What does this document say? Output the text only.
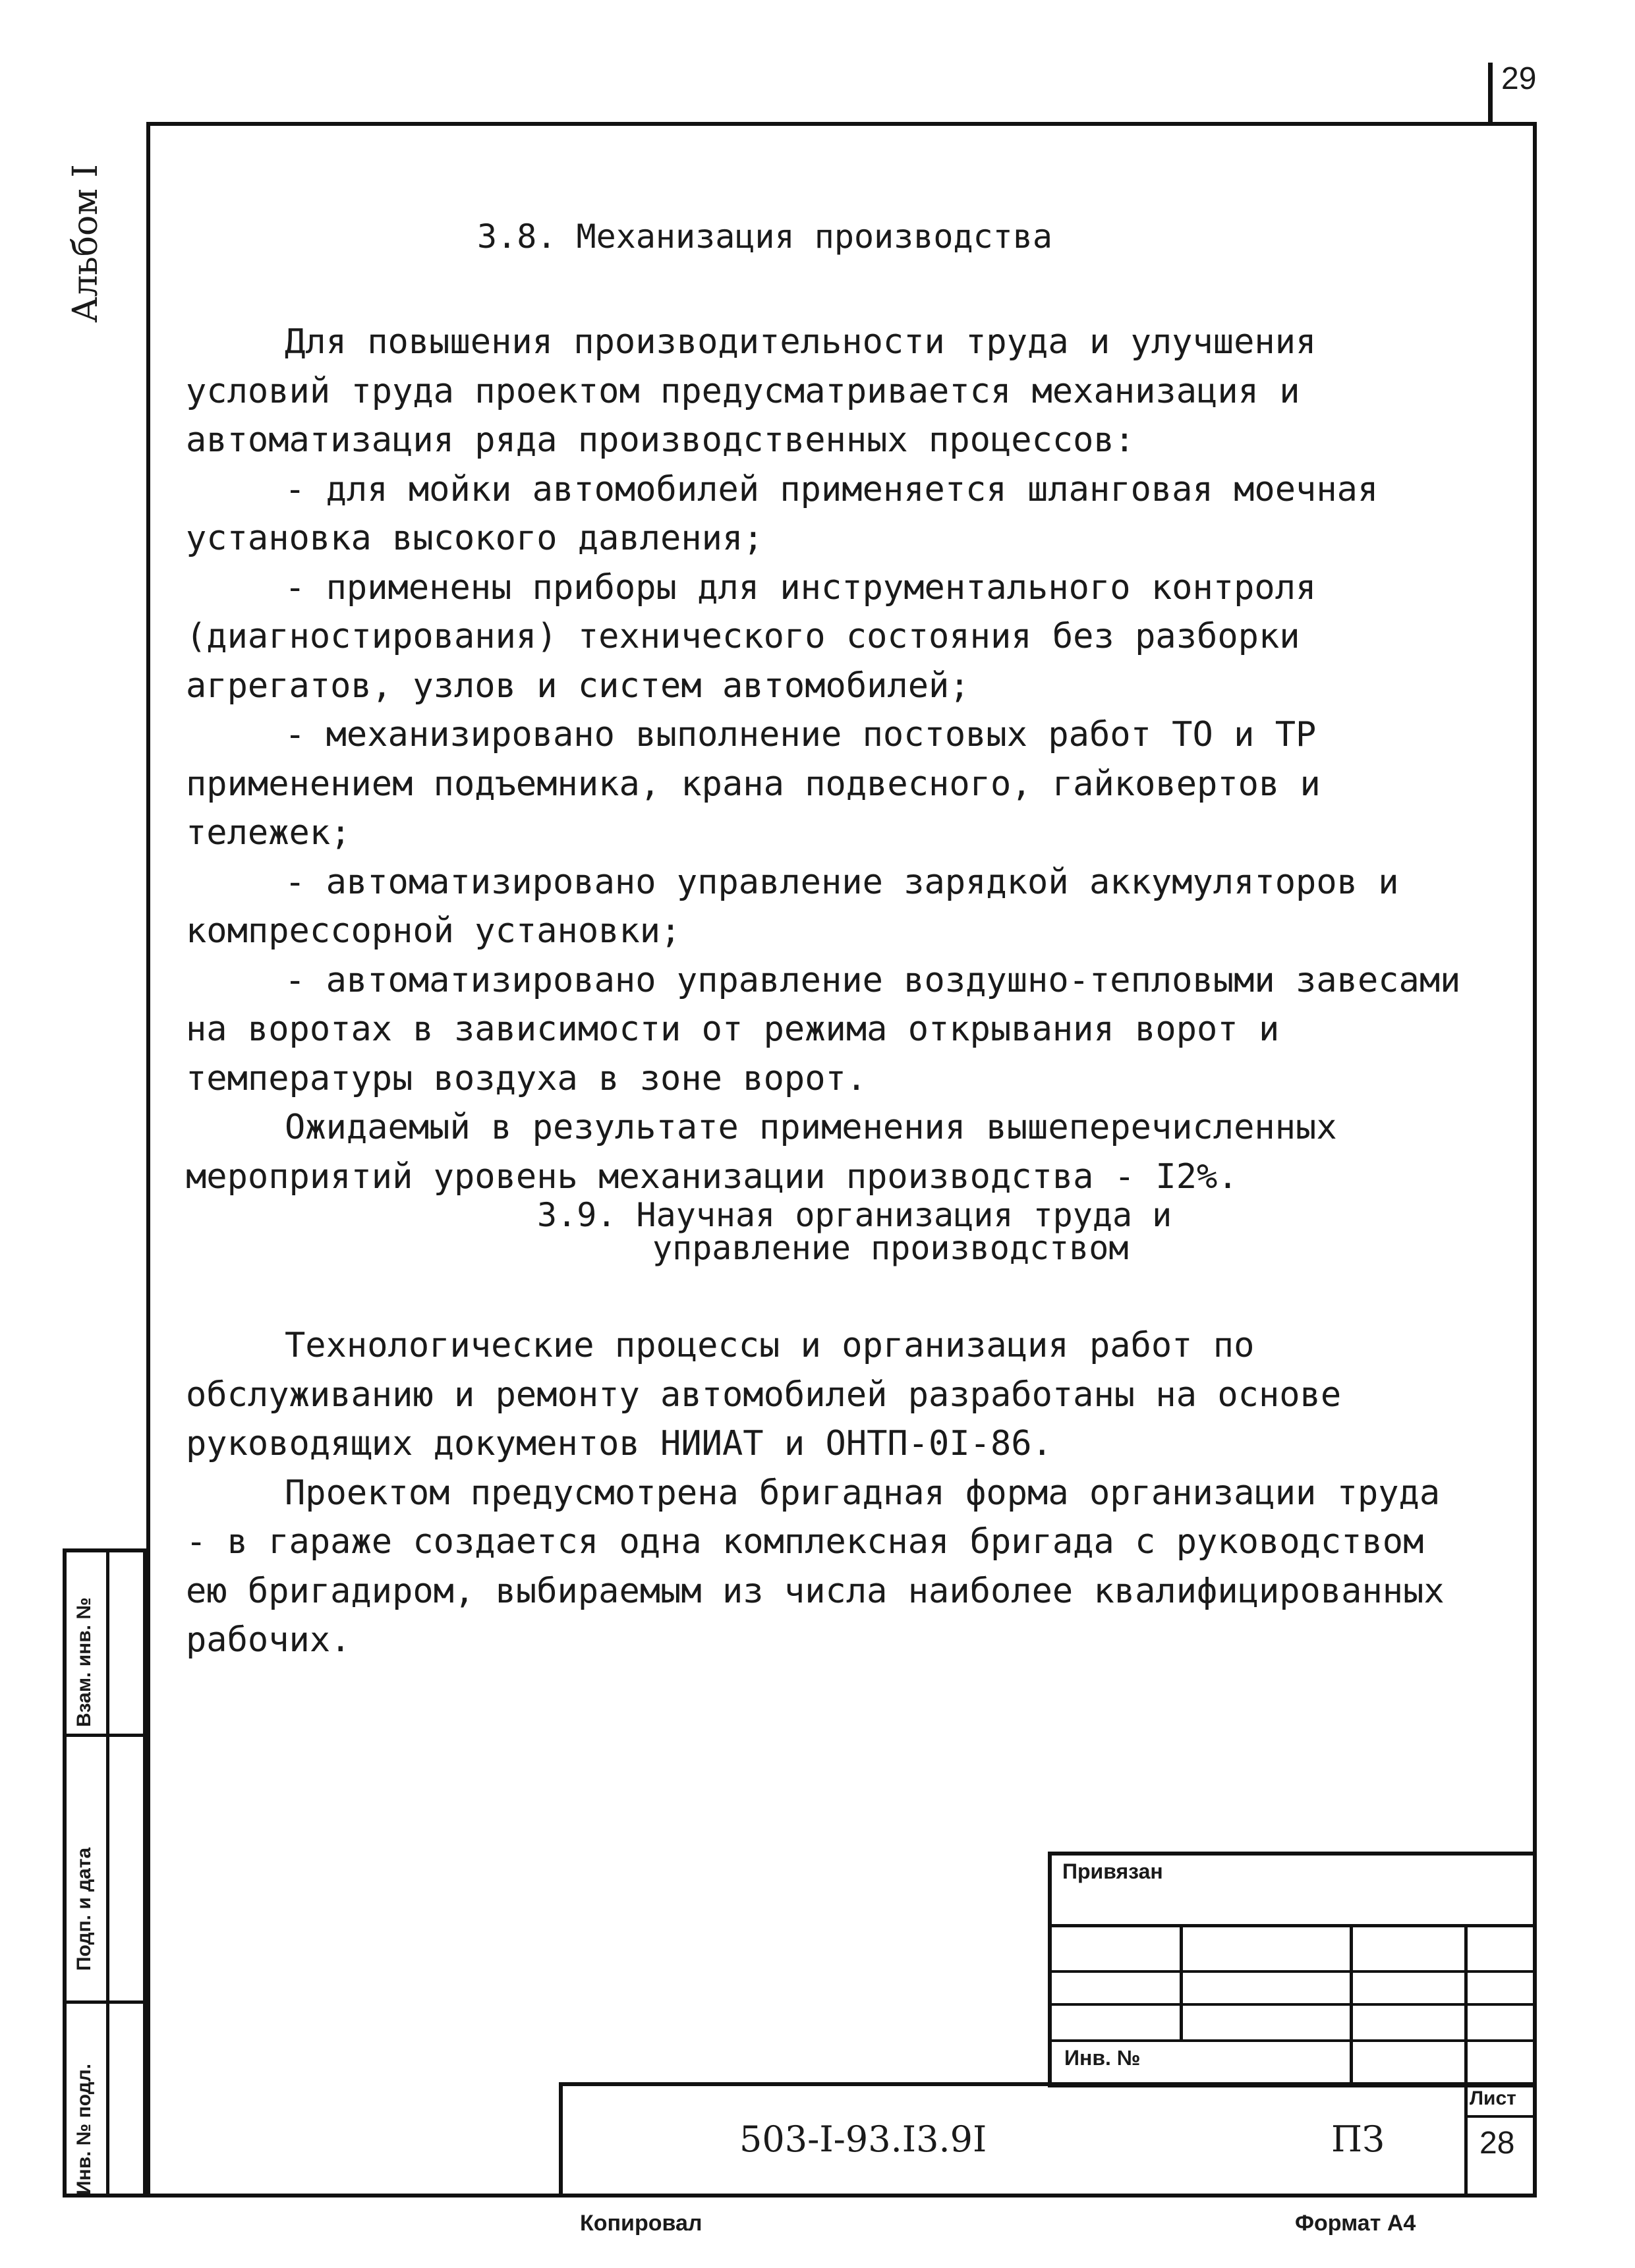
29
Альбом I	3.8. Механизация производства

Для повышения производительности труда и улучшения условий труда проектом предусматривается механизация и автоматизация ряда производственных процессов:

- для мойки автомобилей применяется шланговая моечная установка высокого давления;

- применены приборы для инструментального контроля (диагностирования) технического состояния без разборки агрегатов, узлов и систем автомобилей;

- механизировано выполнение постовых работ ТО и ТР применением подъемника, крана подвесного, гайковертов и тележек;

- автоматизировано управление зарядкой аккумуляторов и компрессорной установки;

- автоматизировано управление воздушно-тепловыми завесами на воротах в зависимости от режима открывания ворот и температуры воздуха в зоне ворот.

Ожидаемый в результате применения вышеперечисленных мероприятий уровень механизации производства - I2%.

3.9. Научная организация труда и
управление производством

Технологические процессы и организация работ по обслуживанию и ремонту автомобилей разработаны на основе руководящих документов НИИАТ и ОНТП-0I-86.

Проектом предусмотрена бригадная форма организации труда - в гараже создается одна комплексная бригада с руководством ею бригадиром, выбираемым из числа наиболее квалифицированных рабочих.

Взам. инв. №
Подп. и дата
Инв. № подл.
Привязан
Инв. №
503-I-93.I3.9I	ПЗ
Лист
28
Копировал	Формат А4
